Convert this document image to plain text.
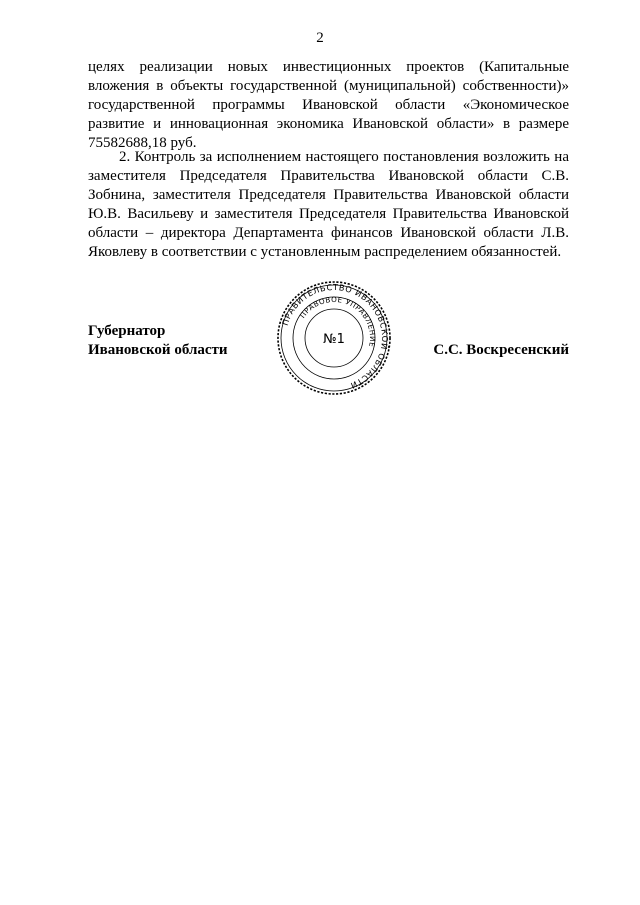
2

целях реализации новых инвестиционных проектов (Капитальные вложения в объекты государственной (муниципальной) собственности)» государственной программы Ивановской области «Экономическое развитие и инновационная экономика Ивановской области» в размере 75582688,18 руб.

2. Контроль за исполнением настоящего постановления возложить на заместителя Председателя Правительства Ивановской области С.В. Зобнина, заместителя Председателя Правительства Ивановской области Ю.В. Васильеву и заместителя Председателя Правительства Ивановской области – директора Департамента финансов Ивановской области Л.В. Яковлеву в соответствии с установленным распределением обязанностей.

Губернатор
Ивановской области	С.С. Воскресенский
ПРАВИТЕЛЬСТВО ИВАНОВСКОЙ ОБЛАСТИ
ПРАВОВОЕ УПРАВЛЕНИЕ
№1
